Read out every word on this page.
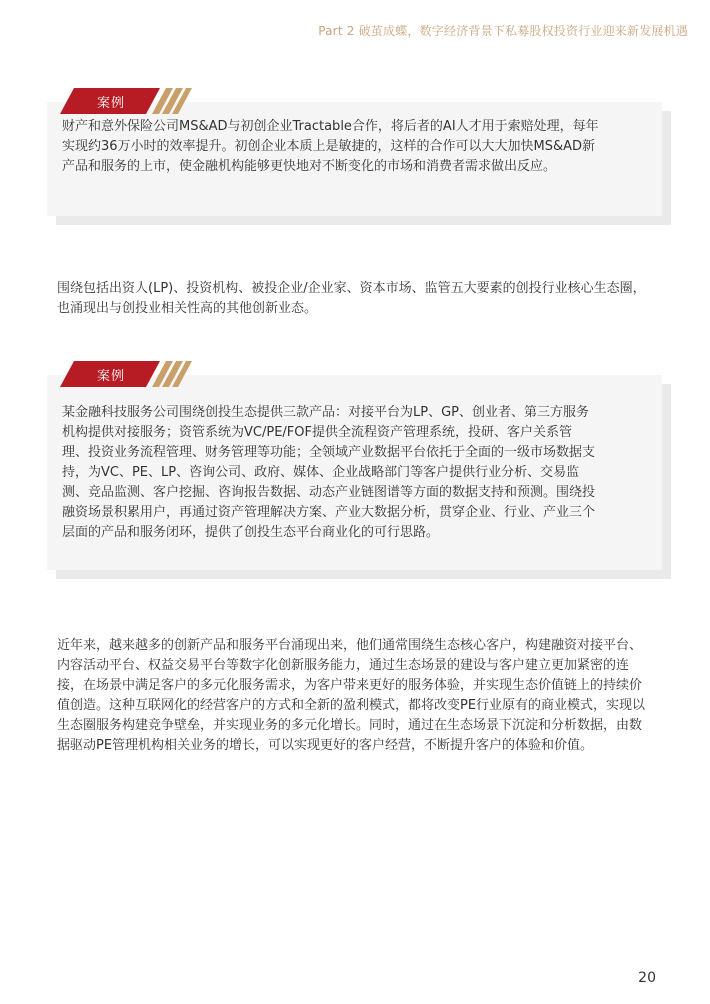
Part 2 破茧成蝶，数字经济背景下私募股权投资行业迎来新发展机遇
案例
财产和意外保险公司MS&AD与初创企业Tractable合作，将后者的AI人才用于索赔处理，每年
实现约36万小时的效率提升。初创企业本质上是敏捷的，这样的合作可以大大加快MS&AD新
产品和服务的上市，使金融机构能够更快地对不断变化的市场和消费者需求做出反应。
围绕包括出资人(LP)、投资机构、被投企业/企业家、资本市场、监管五大要素的创投行业核心生态圈，
也涌现出与创投业相关性高的其他创新业态。
案例
某金融科技服务公司围绕创投生态提供三款产品：对接平台为LP、GP、创业者、第三方服务
机构提供对接服务；资管系统为VC/PE/FOF提供全流程资产管理系统，投研、客户关系管
理、投资业务流程管理、财务管理等功能；全领域产业数据平台依托于全面的一级市场数据支
持，为VC、PE、LP、咨询公司、政府、媒体、企业战略部门等客户提供行业分析、交易监
测、竞品监测、客户挖掘、咨询报告数据、动态产业链图谱等方面的数据支持和预测。围绕投
融资场景积累用户，再通过资产管理解决方案、产业大数据分析，贯穿企业、行业、产业三个
层面的产品和服务闭环，提供了创投生态平台商业化的可行思路。
近年来，越来越多的创新产品和服务平台涌现出来，他们通常围绕生态核心客户，构建融资对接平台、
内容活动平台、权益交易平台等数字化创新服务能力，通过生态场景的建设与客户建立更加紧密的连
接，在场景中满足客户的多元化服务需求，为客户带来更好的服务体验，并实现生态价值链上的持续价
值创造。这种互联网化的经营客户的方式和全新的盈利模式，都将改变PE行业原有的商业模式，实现以
生态圈服务构建竞争壁垒，并实现业务的多元化增长。同时，通过在生态场景下沉淀和分析数据，由数
据驱动PE管理机构相关业务的增长，可以实现更好的客户经营，不断提升客户的体验和价值。
20
